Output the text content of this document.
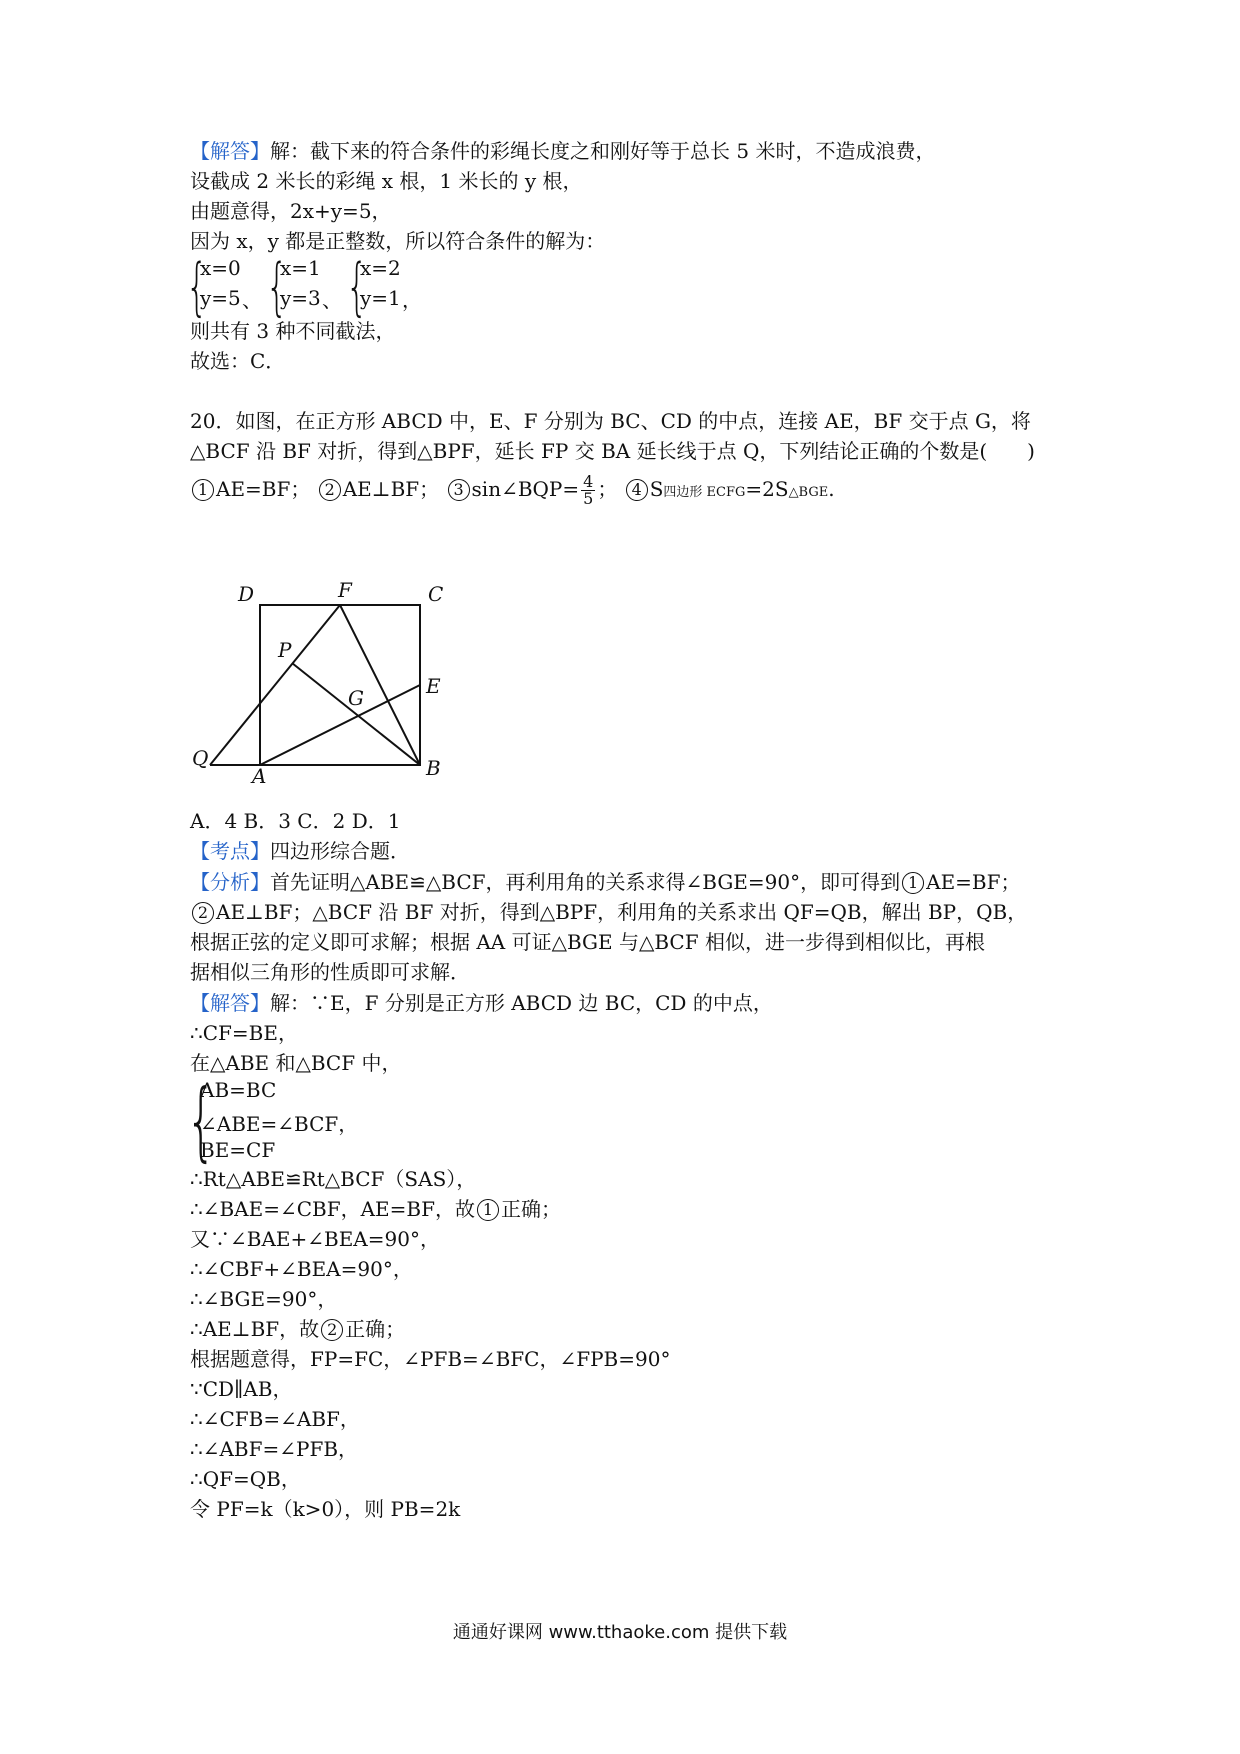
【解答】解：截下来的符合条件的彩绳长度之和刚好等于总长 5 米时，不造成浪费，
设截成 2 米长的彩绳 x 根，1 米长的 y 根，
由题意得，2x+y=5，
因为 x，y 都是正整数，所以符合条件的解为：
{
x=0
y=5 、 {
x=1
y=3 、 {
x=2
y=1 ，
则共有 3 种不同截法，
故选：C．
20．如图，在正方形 ABCD 中，E、F 分别为 BC、CD 的中点，连接 AE，BF 交于点 G，将
△BCF 沿 BF 对折，得到△BPF，延长 FP 交 BA 延长线于点 Q，下列结论正确的个数是(　　)
1 AE=BF； 2 AE⊥BF； 3 sin∠BQP= $\frac{4}{5}$ ； 4 S四边形 ECFG=2S△BGE.
D	F	C
P
G	E
Q
A	B
A．4 B．3 C．2 D．1
【考点】四边形综合题．
【分析】首先证明△ABE≌△BCF，再利用角的关系求得∠BGE=90°，即可得到 1 AE=BF；
2 AE⊥BF；△BCF 沿 BF 对折，得到△BPF，利用角的关系求出 QF=QB，解出 BP，QB，
根据正弦的定义即可求解；根据 AA 可证△BGE 与△BCF 相似，进一步得到相似比，再根
据相似三角形的性质即可求解．
【解答】解：∵E，F 分别是正方形 ABCD 边 BC，CD 的中点，
∴CF=BE，
在△ABE 和△BCF 中，
{
AB=BC
∠ABE=∠BCF，
BE=CF
∴Rt△ABE≌Rt△BCF（SAS），
∴∠BAE=∠CBF，AE=BF，故 1 正确；
又∵∠BAE+∠BEA=90°，
∴∠CBF+∠BEA=90°，
∴∠BGE=90°，
∴AE⊥BF，故 2 正确；
根据题意得，FP=FC，∠PFB=∠BFC，∠FPB=90°
∵CD∥AB，
∴∠CFB=∠ABF，
∴∠ABF=∠PFB，
∴QF=QB，
令 PF=k（k>0），则 PB=2k
通通好课网 www.tthaoke.com 提供下载
